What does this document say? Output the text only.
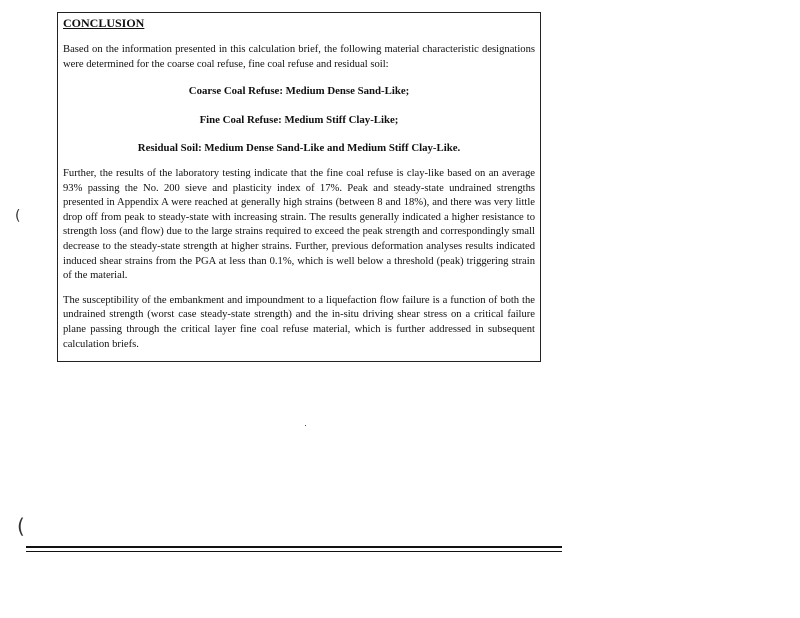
CONCLUSION

Based on the information presented in this calculation brief, the following material characteristic designations were determined for the coarse coal refuse, fine coal refuse and residual soil:

Coarse Coal Refuse: Medium Dense Sand-Like;

Fine Coal Refuse: Medium Stiff Clay-Like;

Residual Soil: Medium Dense Sand-Like and Medium Stiff Clay-Like.

Further, the results of the laboratory testing indicate that the fine coal refuse is clay-like based on an average 93% passing the No. 200 sieve and plasticity index of 17%. Peak and steady-state undrained strengths presented in Appendix A were reached at generally high strains (between 8 and 18%), and there was very little drop off from peak to steady-state with increasing strain. The results generally indicated a higher resistance to strength loss (and flow) due to the large strains required to exceed the peak strength and correspondingly small decrease to the steady-state strength at higher strains. Further, previous deformation analyses results indicated induced shear strains from the PGA at less than 0.1%, which is well below a threshold (peak) triggering strain of the material.

The susceptibility of the embankment and impoundment to a liquefaction flow failure is a function of both the undrained strength (worst case steady-state strength) and the in-situ driving shear stress on a critical failure plane passing through the critical layer fine coal refuse material, which is further addressed in subsequent calculation briefs.

(
(
